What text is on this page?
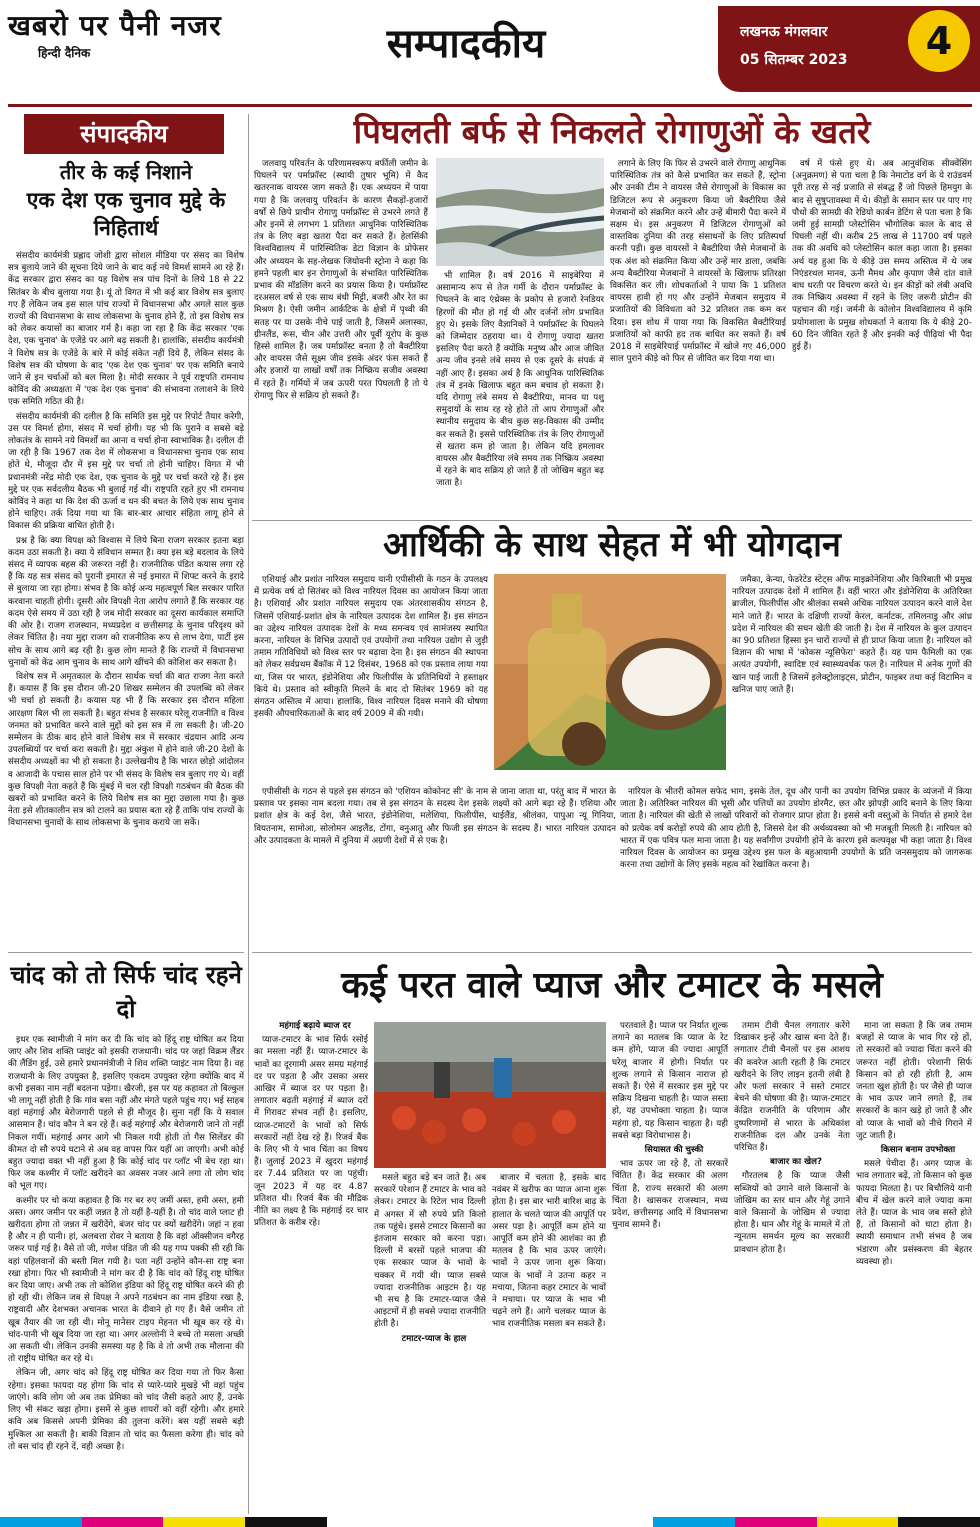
खबरो पर पैनी नजर
हिन्दी दैनिक	सम्पादकीय	लखनऊ मंगलवार
05 सितम्बर 2023	4
संपादकीय
तीर के कई निशाने
एक देश एक चुनाव मुद्दे के निहितार्थ

संसदीय कार्यमंत्री प्रह्लाद जोशी द्वारा सोशल मीडिया पर संसद का विशेष सत्र बुलाये जाने की सूचना दिये जाने के बाद कई नये विमर्श सामने आ रहे हैं। केंद्र सरकार द्वारा संसद का यह विशेष सत्र पांच दिनों के लिये 18 से 22 सितंबर के बीच बुलाया गया है। यूं तो विगत में भी कई बार विशेष सत्र बुलाए गए हैं लेकिन जब इस साल पांच राज्यों में विधानसभा और अगले साल कुछ राज्यों की विधानसभा के साथ लोकसभा के चुनाव होने हैं, तो इस विशेष सत्र को लेकर कयासों का बाजार गर्म है। कहा जा रहा है कि केंद्र सरकार 'एक देश, एक चुनाव' के एजेंडे पर आगे बढ़ सकती है। हालांकि, संसदीय कार्यमंत्री ने विशेष सत्र के एजेंडे के बारे में कोई संकेत नहीं दिये हैं, लेकिन संसद के विशेष सत्र की घोषणा के बाद 'एक देश एक चुनाव' पर एक समिति बनाये जाने से इन चर्चाओं को बल मिला है। मोदी सरकार ने पूर्व राष्ट्रपति रामनाथ कोविंद की अध्यक्षता में 'एक देश एक चुनाव' की संभावना तलाशने के लिये एक समिति गठित की है।

संसदीय कार्यमंत्री की दलील है कि समिति इस मुद्दे पर रिपोर्ट तैयार करेगी, उस पर विमर्श होगा, संसद में चर्चा होगी। यह भी कि पुराने व सबसे बड़े लोकतंत्र के सामने नये विमर्शों का आना व चर्चा होना स्वाभाविक है। दलील दी जा रही है कि 1967 तक देश में लोकसभा व विधानसभा चुनाव एक साथ होते थे, मौजूदा दौर में इस मुद्दे पर चर्चा तो होनी चाहिए। विगत में भी प्रधानमंत्री नरेंद्र मोदी एक देश, एक चुनाव के मुद्दे पर चर्चा करते रहे हैं। इस मुद्दे पर एक सर्वदलीय बैठक भी बुलाई गई थी। राष्ट्रपति रहते हुए भी रामनाथ कोविंद ने कहा था कि देश की ऊर्जा व धन की बचत के लिये एक साथ चुनाव होने चाहिए। तर्क दिया गया था कि बार-बार आचार संहिता लागू होने से विकास की प्रक्रिया बाधित होती है।

प्रश्न है कि क्या विपक्ष को विश्वास में लिये बिना राजग सरकार इतना बड़ा कदम उठा सकती है। क्या ये संविधान सम्मत है। क्या इस बड़े बदलाव के लिये संसद में व्यापक बहस की जरूरत नहीं है। राजनीतिक पंडित कयास लगा रहे हैं कि यह सत्र संसद को पुरानी इमारत से नई इमारत में शिफ्ट करने के इरादे से बुलाया जा रहा होगा। संभव है कि कोई अन्य महत्वपूर्ण बिल सरकार पारित करवाना चाहती होगी। दूसरी ओर विपक्षी नेता आरोप लगाते हैं कि सरकार यह कदम ऐसे समय में उठा रही है जब मोदी सरकार का दूसरा कार्यकाल समाप्ति की ओर है। राजग राजस्थान, मध्यप्रदेश व छत्तीसगढ़ के चुनाव परिदृश्य को लेकर चिंतित है। नया मुद्दा राजग को राजनीतिक रूप से लाभ देगा, पार्टी इस सोच के साथ आगे बढ़ रही है। कुछ लोग मानते हैं कि राज्यों में विधानसभा चुनावों को केंद्र आम चुनाव के साथ आगे खींचने की कोशिश कर सकता है।

विशेष सत्र में अमृतकाल के दौरान सार्थक चर्चा की बात राजग नेता करते हैं। कयास हैं कि इस दौरान जी-20 शिखर सम्मेलन की उपलब्धि को लेकर भी चर्चा हो सकती है। कयास यह भी हैं कि सरकार इस दौरान महिला आरक्षण बिल भी ला सकती है। बहुत संभव है सरकार घरेलू राजनीति व विश्व जनमत को प्रभावित करने वाले मुद्दों को इस सत्र में ला सकती है। जी-20 सम्मेलन के ठीक बाद होने वाले विशेष सत्र में सरकार चंद्रयान आदि अन्य उपलब्धियों पर चर्चा करा सकती है। मुद्दा अंकुश में होने वाले जी-20 देशों के संसदीय अध्यक्षों का भी हो सकता है। उल्लेखनीय है कि भारत छोड़ो आंदोलन व आजादी के पचास साल होने पर भी संसद के विशेष सत्र बुलाए गए थे। वहीं कुछ विपक्षी नेता कहते हैं कि मुंबई में चल रही विपक्षी गठबंधन की बैठक की खबरों को प्रभावित करने के लिये विशेष सत्र का मुद्दा उछाला गया है। कुछ नेता इसे शीतकालीन सत्र को टालने का प्रयास बता रहे हैं ताकि पांच राज्यों के विधानसभा चुनावों के साथ लोकसभा के चुनाव कराये जा सकें।

चांद को तो सिर्फ चांद रहने दो

इधर एक स्वामीजी ने मांग कर दी कि चांद को हिंदू राष्ट्र घोषित कर दिया जाए और शिव शक्ति प्वाइंट को इसकी राजधानी। चांद पर जहां विक्रम लैंडर की लैंडिंग हुई, उसे हमारे प्रधानमंत्रीजी ने शिव शक्ति प्वाइंट नाम दिया है। वह राजधानी के लिए उपयुक्त है, इसलिए एकदम उपयुक्त रहेगा क्योंकि बाद में कभी इसका नाम नहीं बदलना पड़ेगा। खैरजी, इस पर यह कहावत तो बिल्कुल भी लागू नहीं होती है कि गांव बसा नहीं और मंगते पहले पहुंच गए। भई साहब वहां महंगाई और बेरोजगारी पहले से ही मौजूद है। सुना नहीं कि ये सवाल आसमान हैं। चांद कौन ने बन रहे हैं। कई महंगाई और बेरोजगारी जाने तो नहीं निकल गयीं। महंगाई अगर आगे भी निकल गयी होती तो गैस सिलेंडर की कीमत दो सौ रुपये घटाने से अब वह वापस फिर यहीं आ जाएगी। अभी कोई बहुत ज्यादा वक्त भी नहीं हुआ है कि कोई चांद पर प्लॉट भी बेच रहा था। फिर जब कश्मीर में प्लॉट खरीदने का अवसर नजर आने लगा तो लोग चांद को भूल गए।

कश्मीर पर चो कया कहावत है कि गर बर रुए जमीं अस्त, हमी अस्त, हमी अस्त। अगर जमीन पर कहीं जन्नत है तो यहीं है-यहीं है। तो चांद वाले प्लाट ही खरीदता होगा तो जन्नत में खरीदेंगे, बंजर चांद पर क्यों खरीदेंगे। जहां न हवा है और न ही पानी। हां, अलबत्ता रोवर ने बताया है कि वहां ऑक्सीजन वगैरह जरूर पाई गई है। वैसे तो जी, गणेश पंडित जी की यह गप्प पक्की सी रही कि वहां पहिलवानों की बस्ती मिल गयी है। पता नहीं उन्होंने कौन-सा राष्ट्र बना रखा होगा। फिर भी स्वामीजी ने मांग कर दी है कि चांद को हिंदू राष्ट्र घोषित कर दिया जाए। अभी तक तो कोशिश इंडिया को हिंदू राष्ट्र घोषित करने की ही हो रही थी। लेकिन जब से विपक्ष ने अपने गठबंधन का नाम इंडिया रखा है, राष्ट्रवादी और देशभक्त अचानक भारत के दीवाने हो गए हैं। वैसे जमीन तो खूब तैयार की जा रही थी। मोनू मानेसर टाइप मेहनत भी खूब कर रहे थे। चांद-पानी भी खूब दिया जा रहा था। अगर अल्लोनी ने बच्चे तो मसला अच्छी आ सकती थी। लेकिन उनकी समस्या यह है कि वे तो अभी तक मौलाना की तो राष्ट्रीय घोषित कर रहे थे।

लेकिन जी, अगर चांद को हिंदू राष्ट्र घोषित कर दिया गया तो फिर कैसा रहेगा। इसका फायदा यह होगा कि चांद से प्यारे-प्यारे मुखड़े भी वहां पहुंच जाएंगे। कवि लोग जो अब तक प्रेमिका को चांद जैसी कहते आए हैं, उनके लिए भी संकट खड़ा होगा। इसमें से कुछ शायरों को वहीं रहेगी। और हमारे कवि अब किससे अपनी प्रेमिका की तुलना करेंगे। बस यहीं सबसे बड़ी मुश्किल आ सकती है। बाकी विज्ञान तो चांद का फैसला करेगा ही। चांद को तो बस चांद ही रहने दें, वही अच्छा है।

पिघलती बर्फ से निकलते रोगाणुओं के खतरे

जलवायु परिवर्तन के परिणामस्वरूप बर्फीली जमीन के पिघलने पर पर्माफ्रॉस्ट (स्थायी तुषार भूमि) में कैद खतरनाक वायरस जाग सकते हैं। एक अध्ययन में पाया गया है कि जलवायु परिवर्तन के कारण सैकड़ों-हजारों वर्षों से छिपे प्राचीन रोगाणु पर्माफ्रॉस्ट से उभरने लगते हैं और इनमें से लगभग 1 प्रतिशत आधुनिक पारिस्थितिक तंत्र के लिए बड़ा खतरा पैदा कर सकते हैं। हेलसिंकी विश्वविद्यालय में पारिस्थितिक डेटा विज्ञान के प्रोफेसर और अध्ययन के सह-लेखक जियोवनी स्ट्रोना ने कहा कि हमने पहली बार इन रोगाणुओं के संभावित पारिस्थितिक प्रभाव की मॉडलिंग करने का प्रयास किया है। पर्माफ्रॉस्ट दरअसल वर्ष से एक साथ बंधी मिट्टी, बजरी और रेत का मिश्रण है। ऐसी जमीन आर्कटिक के क्षेत्रों में पृथ्वी की सतह पर या उसके नीचे पाई जाती है, जिसमें अलास्का, ग्रीनलैंड, रूस, चीन और उत्तरी और पूर्वी यूरोप के कुछ हिस्से शामिल हैं। जब पर्माफ्रॉस्ट बनता है तो बैक्टीरिया और वायरस जैसे सूक्ष्म जीव इसके अंदर फंस सकते हैं और हजारों या लाखों वर्षों तक निष्क्रिय सजीव अवस्था में रहते हैं। गर्मियों में जब ऊपरी परत पिघलती है तो ये रोगाणु फिर से सक्रिय हो सकते हैं।

भी शामिल हैं। वर्ष 2016 में साइबेरिया में असामान्य रूप से तेज गर्मी के दौरान पर्माफ्रॉस्ट के पिघलने के बाद एंथ्रेक्स के प्रकोप से हजारों रेनडियर हिरणों की मौत हो गई थी और दर्जनों लोग प्रभावित हुए थे। इसके लिए वैज्ञानिकों ने पर्माफ्रॉस्ट के पिघलने को जिम्मेदार ठहराया था। ये रोगाणु ज्यादा खतरा इसलिए पैदा करते हैं क्योंकि मनुष्य और आज जीवित अन्य जीव इनसे लंबे समय से एक दूसरे के संपर्क में नहीं आए हैं। इसका अर्थ है कि आधुनिक पारिस्थितिक तंत्र में इनके खिलाफ बहुत कम बचाव हो सकता है। यदि रोगाणु लंबे समय से बैक्टीरिया, मानव या पशु समुदायों के साथ रह रहे होते तो आप रोगाणुओं और स्थानीय समुदाय के बीच कुछ सह-विकास की उम्मीद कर सकते हैं। इससे पारिस्थितिक तंत्र के लिए रोगाणुओं से खतरा कम हो जाता है। लेकिन यदि हमलावर वायरस और बैक्टीरिया लंबे समय तक निष्क्रिय अवस्था में रहने के बाद सक्रिय हो जाते हैं तो जोखिम बहुत बढ़ जाता है।

लगाने के लिए कि फिर से उभरने वाले रोगाणु आधुनिक पारिस्थितिक तंत्र को कैसे प्रभावित कर सकते हैं, स्ट्रोना और उनकी टीम ने वायरस जैसे रोगाणुओं के विकास का डिजिटल रूप से अनुकरण किया जो बैक्टीरिया जैसे मेजबानों को संक्रमित करने और उन्हें बीमारी पैदा करने में सक्षम थे। इस अनुकरण में डिजिटल रोगाणुओं को वास्तविक दुनिया की तरह संसाधनों के लिए प्रतिस्पर्धा करनी पड़ी। कुछ वायरसों ने बैक्टीरिया जैसे मेजबानों के एक अंश को संक्रमित किया और उन्हें मार डाला, जबकि अन्य बैक्टीरिया मेजबानों ने वायरसों के खिलाफ प्रतिरक्षा विकसित कर ली। शोधकर्ताओं ने पाया कि 1 प्रतिशत वायरस हावी हो गए और उन्होंने मेजबान समुदाय में प्रजातियों की विविधता को 32 प्रतिशत तक कम कर दिया। इस शोध में पाया गया कि विकसित बैक्टीरियाई प्रजातियों को काफी हद तक बाधित कर सकते हैं। वर्ष 2018 में साइबेरियाई पर्माफ्रॉस्ट में खोजे गए 46,000 साल पुराने कीड़े को फिर से जीवित कर दिया गया था।

वर्ष में फंसे हुए थे। अब आनुवंशिक सीक्वेंसिंग (अनुक्रमण) से पता चला है कि नेमाटोड वर्ग के ये राउंडवर्म पूरी तरह से नई प्रजाति से संबद्ध हैं जो पिछले हिमयुग के बाद से सुषुप्तावस्था में थे। कीड़ों के समान स्तर पर पाए गए पौधों की सामग्री की रेडियो कार्बन डेटिंग से पता चला है कि जमी हुई सामग्री प्लेस्टोसिन भौगोलिक काल के बाद से पिघली नहीं थी। करीब 25 लाख से 11700 वर्ष पहले तक की अवधि को प्लेस्टोसिन काल कहा जाता है। इसका अर्थ यह हुआ कि ये कीड़े उस समय अस्तित्व में थे जब निएंडरथल मानव, ऊनी मैमथ और कृपाण जैसे दांत वाले बाघ धरती पर विचरण करते थे। इन कीड़ों को लंबी अवधि तक निष्क्रिय अवस्था में रहने के लिए जरूरी प्रोटीन की पहचान की गई। जर्मनी के कोलोन विश्वविद्यालय में कृमि प्रयोगशाला के प्रमुख शोधकर्ता ने बताया कि ये कीड़े 20-60 दिन जीवित रहते हैं और इनकी कई पीढ़ियां भी पैदा हुई हैं।

आर्थिकी के साथ सेहत में भी योगदान

एशियाई और प्रशांत नारियल समुदाय यानी एपीसीसी के गठन के उपलक्ष्य में प्रत्येक वर्ष दो सितंबर को विश्व नारियल दिवस का आयोजन किया जाता है। एशियाई और प्रशांत नारियल समुदाय एक अंतरशासकीय संगठन है, जिसमें एशियाई-प्रशांत क्षेत्र के नारियल उत्पादक देश शामिल हैं। इस संगठन का उद्देश्य नारियल उत्पादक देशों के मध्य समन्वय एवं सामंजस्य स्थापित करना, नारियल के विभिन्न उत्पादों एवं उपयोगों तथा नारियल उद्योग से जुड़ी तमाम गतिविधियों को विश्व स्तर पर बढ़ावा देना है। इस संगठन की स्थापना को लेकर सर्वप्रथम बैंकॉक में 12 दिसंबर, 1968 को एक प्रस्ताव लाया गया था, जिस पर भारत, इंडोनेशिया और फिलीपींस के प्रतिनिधियों ने हस्ताक्षर किये थे। प्रस्ताव को स्वीकृति मिलने के बाद दो सितंबर 1969 को यह संगठन अस्तित्व में आया। हालांकि, विश्व नारियल दिवस मनाने की घोषणा इसकी औपचारिकताओं के बाद वर्ष 2009 में की गयी।

जमैका, केन्या, फेडरेटेड स्टेट्स ऑफ माइक्रोनेशिया और किरिबाती भी प्रमुख नारियल उत्पादक देशों में शामिल हैं। वहीं भारत और इंडोनेशिया के अतिरिक्त ब्राजील, फिलीपींस और श्रीलंका सबसे अधिक नारियल उत्पादन करने वाले देश माने जाते हैं। भारत के दक्षिणी राज्यों केरल, कर्नाटक, तमिलनाडु और आंध्र प्रदेश में नारियल की सघन खेती की जाती है। देश में नारियल के कुल उत्पादन का 90 प्रतिशत हिस्सा इन चारों राज्यों से ही प्राप्त किया जाता है। नारियल को विज्ञान की भाषा में 'कोकस न्यूसिफेरा' कहते हैं। यह पाम फैमिली का एक अत्यंत उपयोगी, स्वादिष्ट एवं स्वास्थ्यवर्धक फल है। नारियल में अनेक गुणों की खान पाई जाती है जिसमें इलेक्ट्रोलाइट्स, प्रोटीन, फाइबर तथा कई विटामिन व खनिज पाए जाते हैं।

एपीसीसी के गठन से पहले इस संगठन को 'एशियन कोकोनट सी' के नाम से जाना जाता था, परंतु बाद में भारत के प्रस्ताव पर इसका नाम बदला गया। तब से इस संगठन के सदस्य देश इसके लक्ष्यों को आगे बढ़ा रहे हैं। एशिया और प्रशांत क्षेत्र के कई देश, जैसे भारत, इंडोनेशिया, मलेशिया, फिलीपींस, थाईलैंड, श्रीलंका, पापुआ न्यू गिनिया, वियतनाम, सामोआ, सोलोमन आइलैंड, टोंगा, वनुआतु और फिजी इस संगठन के सदस्य हैं। भारत नारियल उत्पादन और उत्पादकता के मामले में दुनिया में अग्रणी देशों में से एक है।

नारियल के भीतरी कोमल सफेद भाग, इसके तेल, दूध और पानी का उपयोग विभिन्न प्रकार के व्यंजनों में किया जाता है। अतिरिक्त नारियल की भूसी और पत्तियों का उपयोग डोरमैट, छत और झोपड़ी आदि बनाने के लिए किया जाता है। नारियल की खेती से लाखों परिवारों को रोजगार प्राप्त होता है। इससे बनी वस्तुओं के निर्यात से हमारे देश को प्रत्येक वर्ष करोड़ों रुपये की आय होती है, जिससे देश की अर्थव्यवस्था को भी मजबूती मिलती है। नारियल को भारत में एक पवित्र फल माना जाता है। यह सर्वांगीण उपयोगी होने के कारण इसे कल्पवृक्ष भी कहा जाता है। विश्व नारियल दिवस के आयोजन का प्रमुख उद्देश्य इस फल के बहुआयामी उपयोगों के प्रति जनसमुदाय को जागरूक करना तथा उद्योगों के लिए इसके महत्व को रेखांकित करना है।

कई परत वाले प्याज और टमाटर के मसले

महंगाई बढ़ाये ब्याज दर

प्याज-टमाटर के भाव सिर्फ रसोई का मसला नहीं हैं। प्याज-टमाटर के भावों का दूरगामी असर समग्र महंगाई दर पर पड़ता है और उसका असर आखिर में ब्याज दर पर पड़ता है। लगातार बढ़ती महंगाई में ब्याज दरों में गिरावट संभव नहीं है। इसलिए, प्याज-टमाटरों के भावों को सिर्फ सरकारों नहीं देख रहे हैं। रिजर्व बैंक के लिए भी ये भाव चिंता का विषय हैं। जुलाई 2023 में खुदरा महंगाई दर 7.44 प्रतिशत पर जा पहुंची। जून 2023 में यह दर 4.87 प्रतिशत थी। रिजर्व बैंक की मौद्रिक नीति का लक्ष्य है कि महंगाई दर चार प्रतिशत के करीब रहे।

मसले बहुत बड़े बन जाते हैं। अब सरकारें परेशान हैं टमाटर के भाव को लेकर। टमाटर के रिटेल भाव दिल्ली में अगस्त में सौ रुपये प्रति किलो तक पहुंचे। इससे टमाटर किसानों का इंतजाम सरकार को करना पड़ा। दिल्ली में बरसों पहले भाजपा की एक सरकार प्याज के भावों के चक्कर में गयी थी। प्याज सबसे ज्यादा राजनीतिक आइटम है। यह भी सच है कि टमाटर-प्याज जैसे आइटमों में ही सबसे ज्यादा राजनीति होती है।

टमाटर-प्याज के हाल

बाजार में चलता है, इसके बाद नवंबर में खरीफ का प्याज आना शुरू होता है। इस बार भारी बारिश बाढ़ के हालात के चलते प्याज की आपूर्ति पर असर पड़ा है। आपूर्ति कम होने या आपूर्ति कम होने की आशंका का ही मतलब है कि भाव ऊपर जाएंगे। भावों ने ऊपर जाना शुरू किया। प्याज के भावों ने उतना कहर न मचाया, जितना कहर टमाटर के भावों ने मचाया। पर प्याज के भाव भी चढ़ने लगे हैं। आगे चलकर प्याज के भाव राजनीतिक मसला बन सकते हैं।

परतवाले हैं। प्याज पर निर्यात शुल्क लगाने का मतलब कि प्याज के रेट कम होंगे, प्याज की ज्यादा आपूर्ति घरेलू बाजार में होगी। निर्यात पर शुल्क लगाने से किसान नाराज हो सकते हैं। ऐसे में सरकार इस मुद्दे पर सक्रिय दिखना चाहती है। प्याज सस्ता हो, यह उपभोक्ता चाहता है। प्याज महंगा हो, यह किसान चाहता है। यही सबसे बड़ा विरोधाभास है।

सियासत की चुस्की

भाव ऊपर जा रहे हैं, तो सरकारें चिंतित हैं। केंद्र सरकार की अलग चिंता है, राज्य सरकारों की अलग चिंता है। खासकर राजस्थान, मध्य प्रदेश, छत्तीसगढ़ आदि में विधानसभा चुनाव सामने हैं।

तमाम टीवी चैनल लगातार करेंगे दिखाकर इन्हें और खास बना देते हैं। लगातार टीवी चैनलों पर इस आशय की कवरेज आती रहती है कि टमाटर खरीदने के लिए लाइन इतनी लंबी है और फलां सरकार ने सस्ते टमाटर बेचने की घोषणा की है। प्याज-टमाटर केंद्रित राजनीति के परिणाम और दुष्परिणामों से भारत के अधिकांश राजनीतिक दल और उनके नेता परिचित हैं।

बाजार का खेल?

गौरतलब है कि प्याज जैसी सब्जियों को उगाने वाले किसानों के जोखिम का स्तर धान और गेहूं उगाने वाले किसानों के जोखिम से ज्यादा होता है। धान और गेहूं के मामले में तो न्यूनतम समर्थन मूल्य का सरकारी प्रावधान होता है।

माना जा सकता है कि जब तमाम बजहों से प्याज के भाव गिर रहे हों, तो सरकारों को ज्यादा चिंता करने की जरूरत नहीं होती। परेशानी सिर्फ किसान को हो रही होती है, आम जनता खुश होती है। पर जैसे ही प्याज के भाव ऊपर जाने लगते हैं, तब सरकारों के कान खड़े हो जाते हैं और वो प्याज के भावों को नीचे गिराने में जुट जाती हैं।

किसान बनाम उपभोक्ता

मसले पेचीदा हैं। अगर प्याज के भाव लगातार बढ़ें, तो किसान को कुछ फायदा मिलता है। पर बिचौलिये यानी बीच में खेल करने वाले ज्यादा कमा लेते हैं। प्याज के भाव जब सस्ते होते हैं, तो किसानों को घाटा होता है। स्थायी समाधान तभी संभव है जब भंडारण और प्रसंस्करण की बेहतर व्यवस्था हो।
